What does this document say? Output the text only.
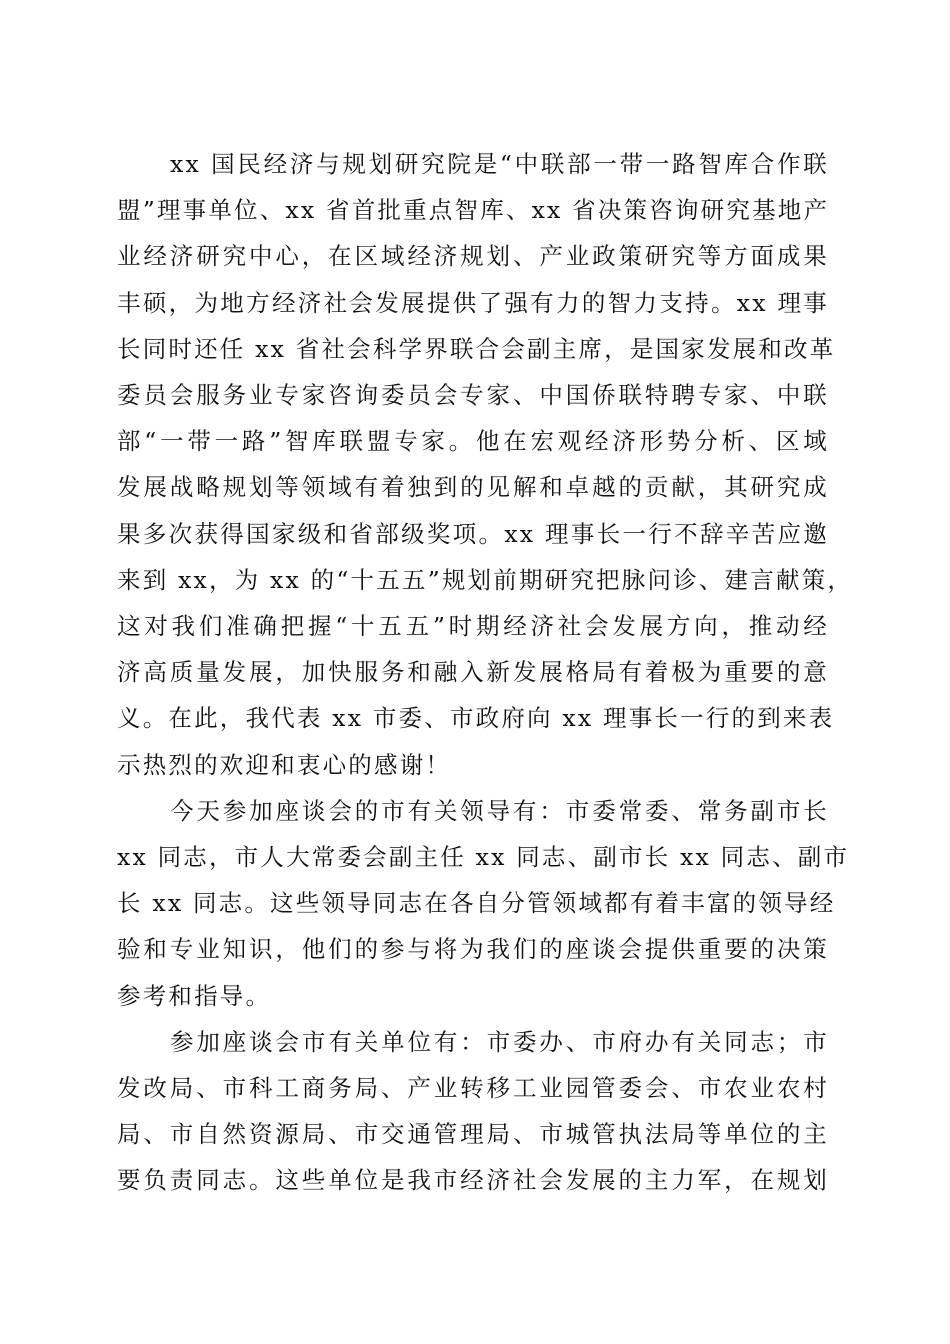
xx 国民经济与规划研究院是“中联部一带一路智库合作联
盟”理事单位、xx 省首批重点智库、xx 省决策咨询研究基地产
业经济研究中心，在区域经济规划、产业政策研究等方面成果
丰硕，为地方经济社会发展提供了强有力的智力支持。xx 理事
长同时还任 xx 省社会科学界联合会副主席，是国家发展和改革
委员会服务业专家咨询委员会专家、中国侨联特聘专家、中联
部“一带一路”智库联盟专家。他在宏观经济形势分析、区域
发展战略规划等领域有着独到的见解和卓越的贡献，其研究成
果多次获得国家级和省部级奖项。xx 理事长一行不辞辛苦应邀
来到 xx，为 xx 的“十五五”规划前期研究把脉问诊、建言献策，
这对我们准确把握“十五五”时期经济社会发展方向，推动经
济高质量发展，加快服务和融入新发展格局有着极为重要的意
义。在此，我代表 xx 市委、市政府向 xx 理事长一行的到来表
示热烈的欢迎和衷心的感谢！
今天参加座谈会的市有关领导有：市委常委、常务副市长
xx 同志，市人大常委会副主任 xx 同志、副市长 xx 同志、副市
长 xx 同志。这些领导同志在各自分管领域都有着丰富的领导经
验和专业知识，他们的参与将为我们的座谈会提供重要的决策
参考和指导。
参加座谈会市有关单位有：市委办、市府办有关同志；市
发改局、市科工商务局、产业转移工业园管委会、市农业农村
局、市自然资源局、市交通管理局、市城管执法局等单位的主
要负责同志。这些单位是我市经济社会发展的主力军，在规划
